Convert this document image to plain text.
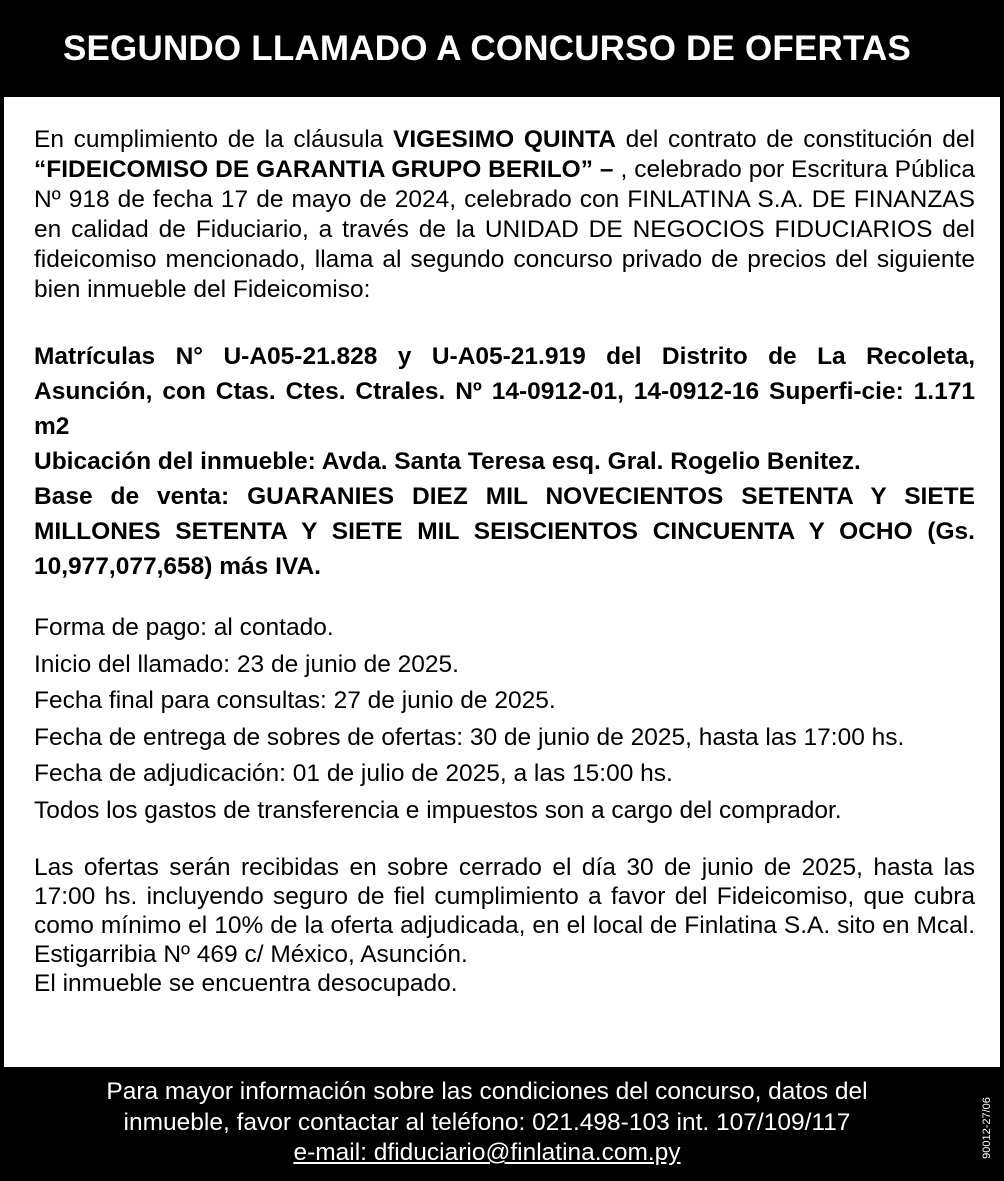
SEGUNDO LLAMADO A CONCURSO DE OFERTAS

En cumplimiento de la cláusula VIGESIMO QUINTA del contrato de constitución del “FIDEICOMISO DE GARANTIA GRUPO BERILO” – , celebrado por Escritura Pública Nº 918 de fecha 17 de mayo de 2024, celebrado con FINLATINA S.A. DE FINANZAS en calidad de Fiduciario, a través de la UNIDAD DE NEGOCIOS FIDUCIARIOS del fideicomiso mencionado, llama al segundo concurso privado de precios del siguiente bien inmueble del Fideicomiso:

Matrículas N° U-A05-21.828 y U-A05-21.919 del Distrito de La Recoleta, Asunción, con Ctas. Ctes. Ctrales. Nº 14-0912-01, 14-0912-16 Superfi-cie: 1.171 m2

Ubicación del inmueble: Avda. Santa Teresa esq. Gral. Rogelio Benitez.

Base de venta: GUARANIES DIEZ MIL NOVECIENTOS SETENTA Y SIETE MILLONES SETENTA Y SIETE MIL SEISCIENTOS CINCUENTA Y OCHO (Gs. 10,977,077,658) más IVA.

Forma de pago: al contado.
Inicio del llamado: 23 de junio de 2025.
Fecha final para consultas: 27 de junio de 2025.
Fecha de entrega de sobres de ofertas: 30 de junio de 2025, hasta las 17:00 hs.
Fecha de adjudicación: 01 de julio de 2025, a las 15:00 hs.
Todos los gastos de transferencia e impuestos son a cargo del comprador.

Las ofertas serán recibidas en sobre cerrado el día 30 de junio de 2025, hasta las 17:00 hs. incluyendo seguro de fiel cumplimiento a favor del Fideicomiso, que cubra como mínimo el 10% de la oferta adjudicada, en el local de Finlatina S.A. sito en Mcal. Estigarribia Nº 469 c/ México, Asunción.

El inmueble se encuentra desocupado.

Para mayor información sobre las condiciones del concurso, datos del
inmueble, favor contactar al teléfono: 021.498-103 int. 107/109/117
e-mail: dfiduciario@finlatina.com.py	90012-27/06
